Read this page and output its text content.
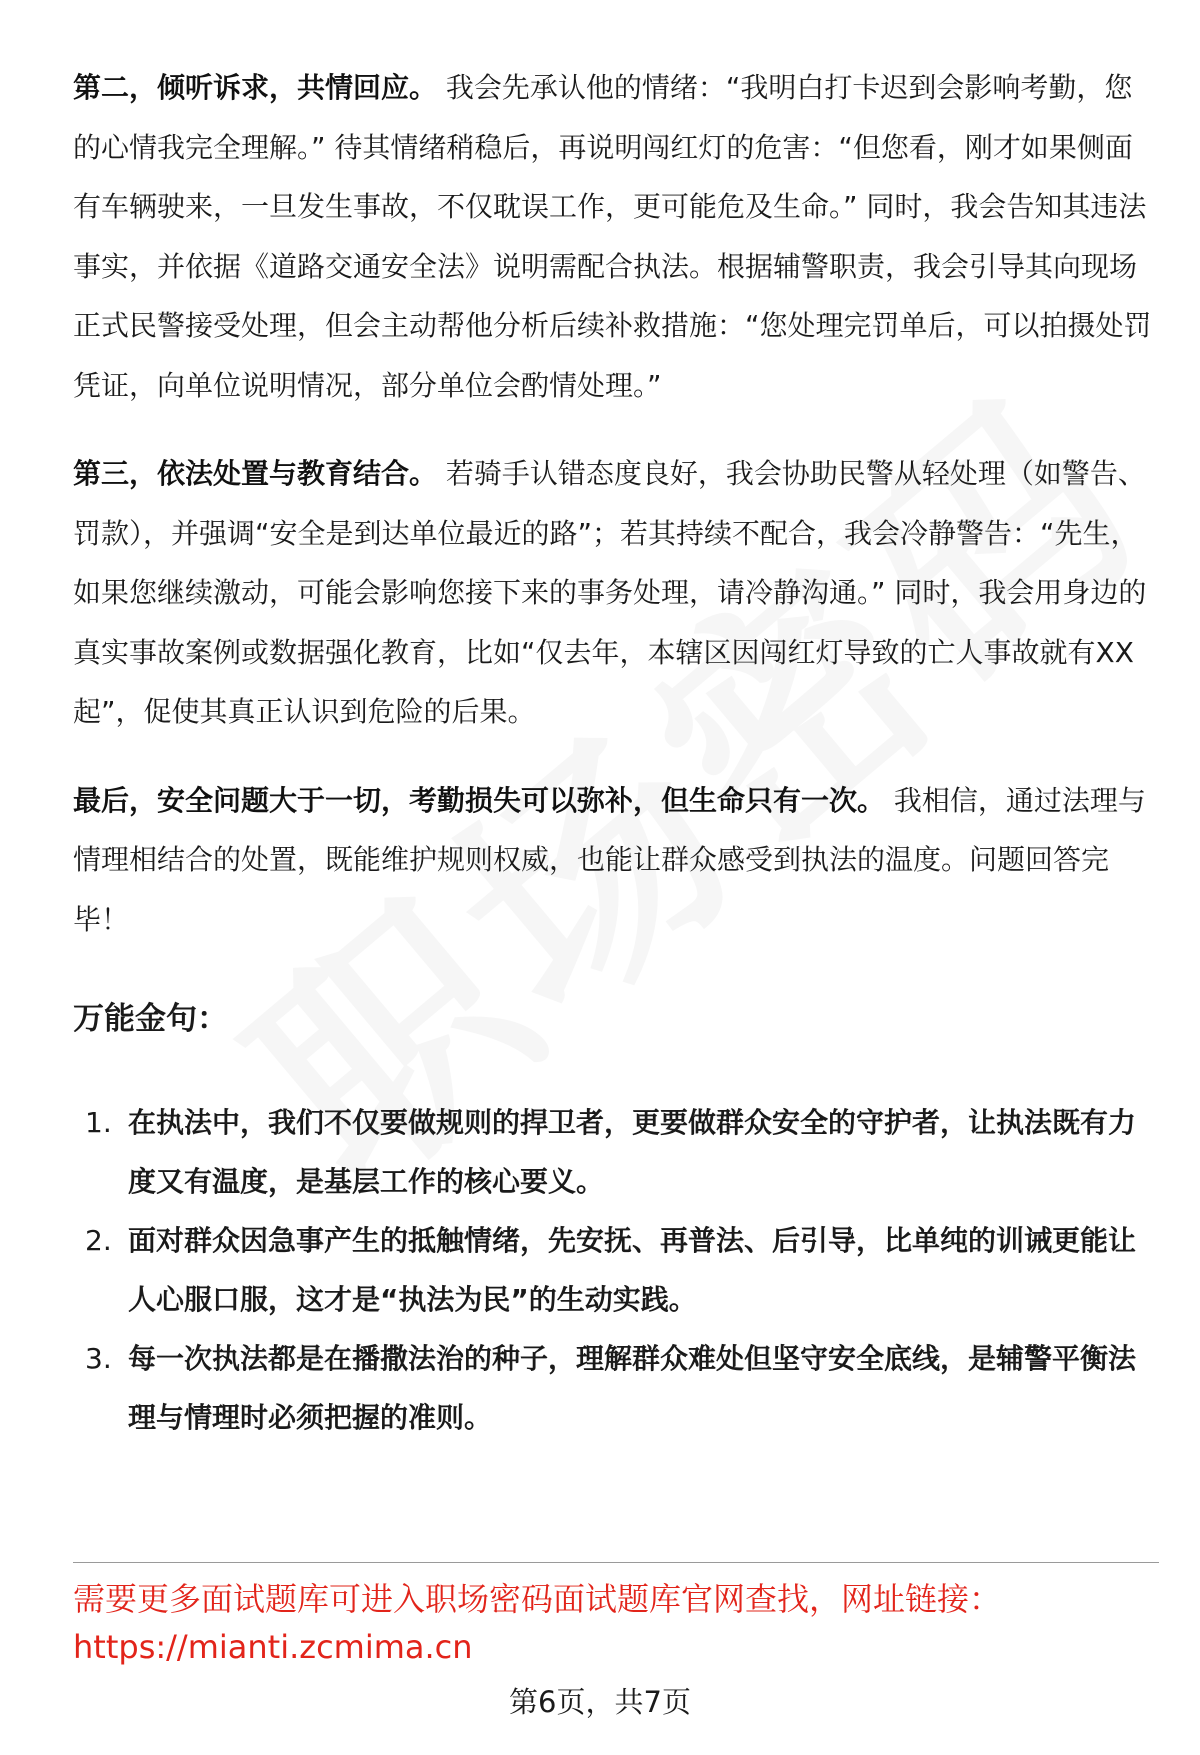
第二，倾听诉求，共情回应。 我会先承认他的情绪：“我明白打卡迟到会影响考勤，您的心情我完全理解。” 待其情绪稍稳后，再说明闯红灯的危害：“但您看，刚才如果侧面有车辆驶来，一旦发生事故，不仅耽误工作，更可能危及生命。” 同时，我会告知其违法事实，并依据《道路交通安全法》说明需配合执法。根据辅警职责，我会引导其向现场正式民警接受处理，但会主动帮他分析后续补救措施：“您处理完罚单后，可以拍摄处罚凭证，向单位说明情况，部分单位会酌情处理。”

第三，依法处置与教育结合。 若骑手认错态度良好，我会协助民警从轻处理（如警告、罚款），并强调“安全是到达单位最近的路”；若其持续不配合，我会冷静警告：“先生，如果您继续激动，可能会影响您接下来的事务处理，请冷静沟通。” 同时，我会用身边的真实事故案例或数据强化教育，比如“仅去年，本辖区因闯红灯导致的亡人事故就有XX起”，促使其真正认识到危险的后果。

最后，安全问题大于一切，考勤损失可以弥补，但生命只有一次。 我相信，通过法理与情理相结合的处置，既能维护规则权威，也能让群众感受到执法的温度。问题回答完毕！

万能金句：
1. 在执法中，我们不仅要做规则的捍卫者，更要做群众安全的守护者，让执法既有力度又有温度，是基层工作的核心要义。
2. 面对群众因急事产生的抵触情绪，先安抚、再普法、后引导，比单纯的训诫更能让人心服口服，这才是“执法为民”的生动实践。
3. 每一次执法都是在播撒法治的种子，理解群众难处但坚守安全底线，是辅警平衡法理与情理时必须把握的准则。
需要更多面试题库可进入职场密码面试题库官网查找，网址链接：
https://mianti.zcmima.cn
第6页，共7页
